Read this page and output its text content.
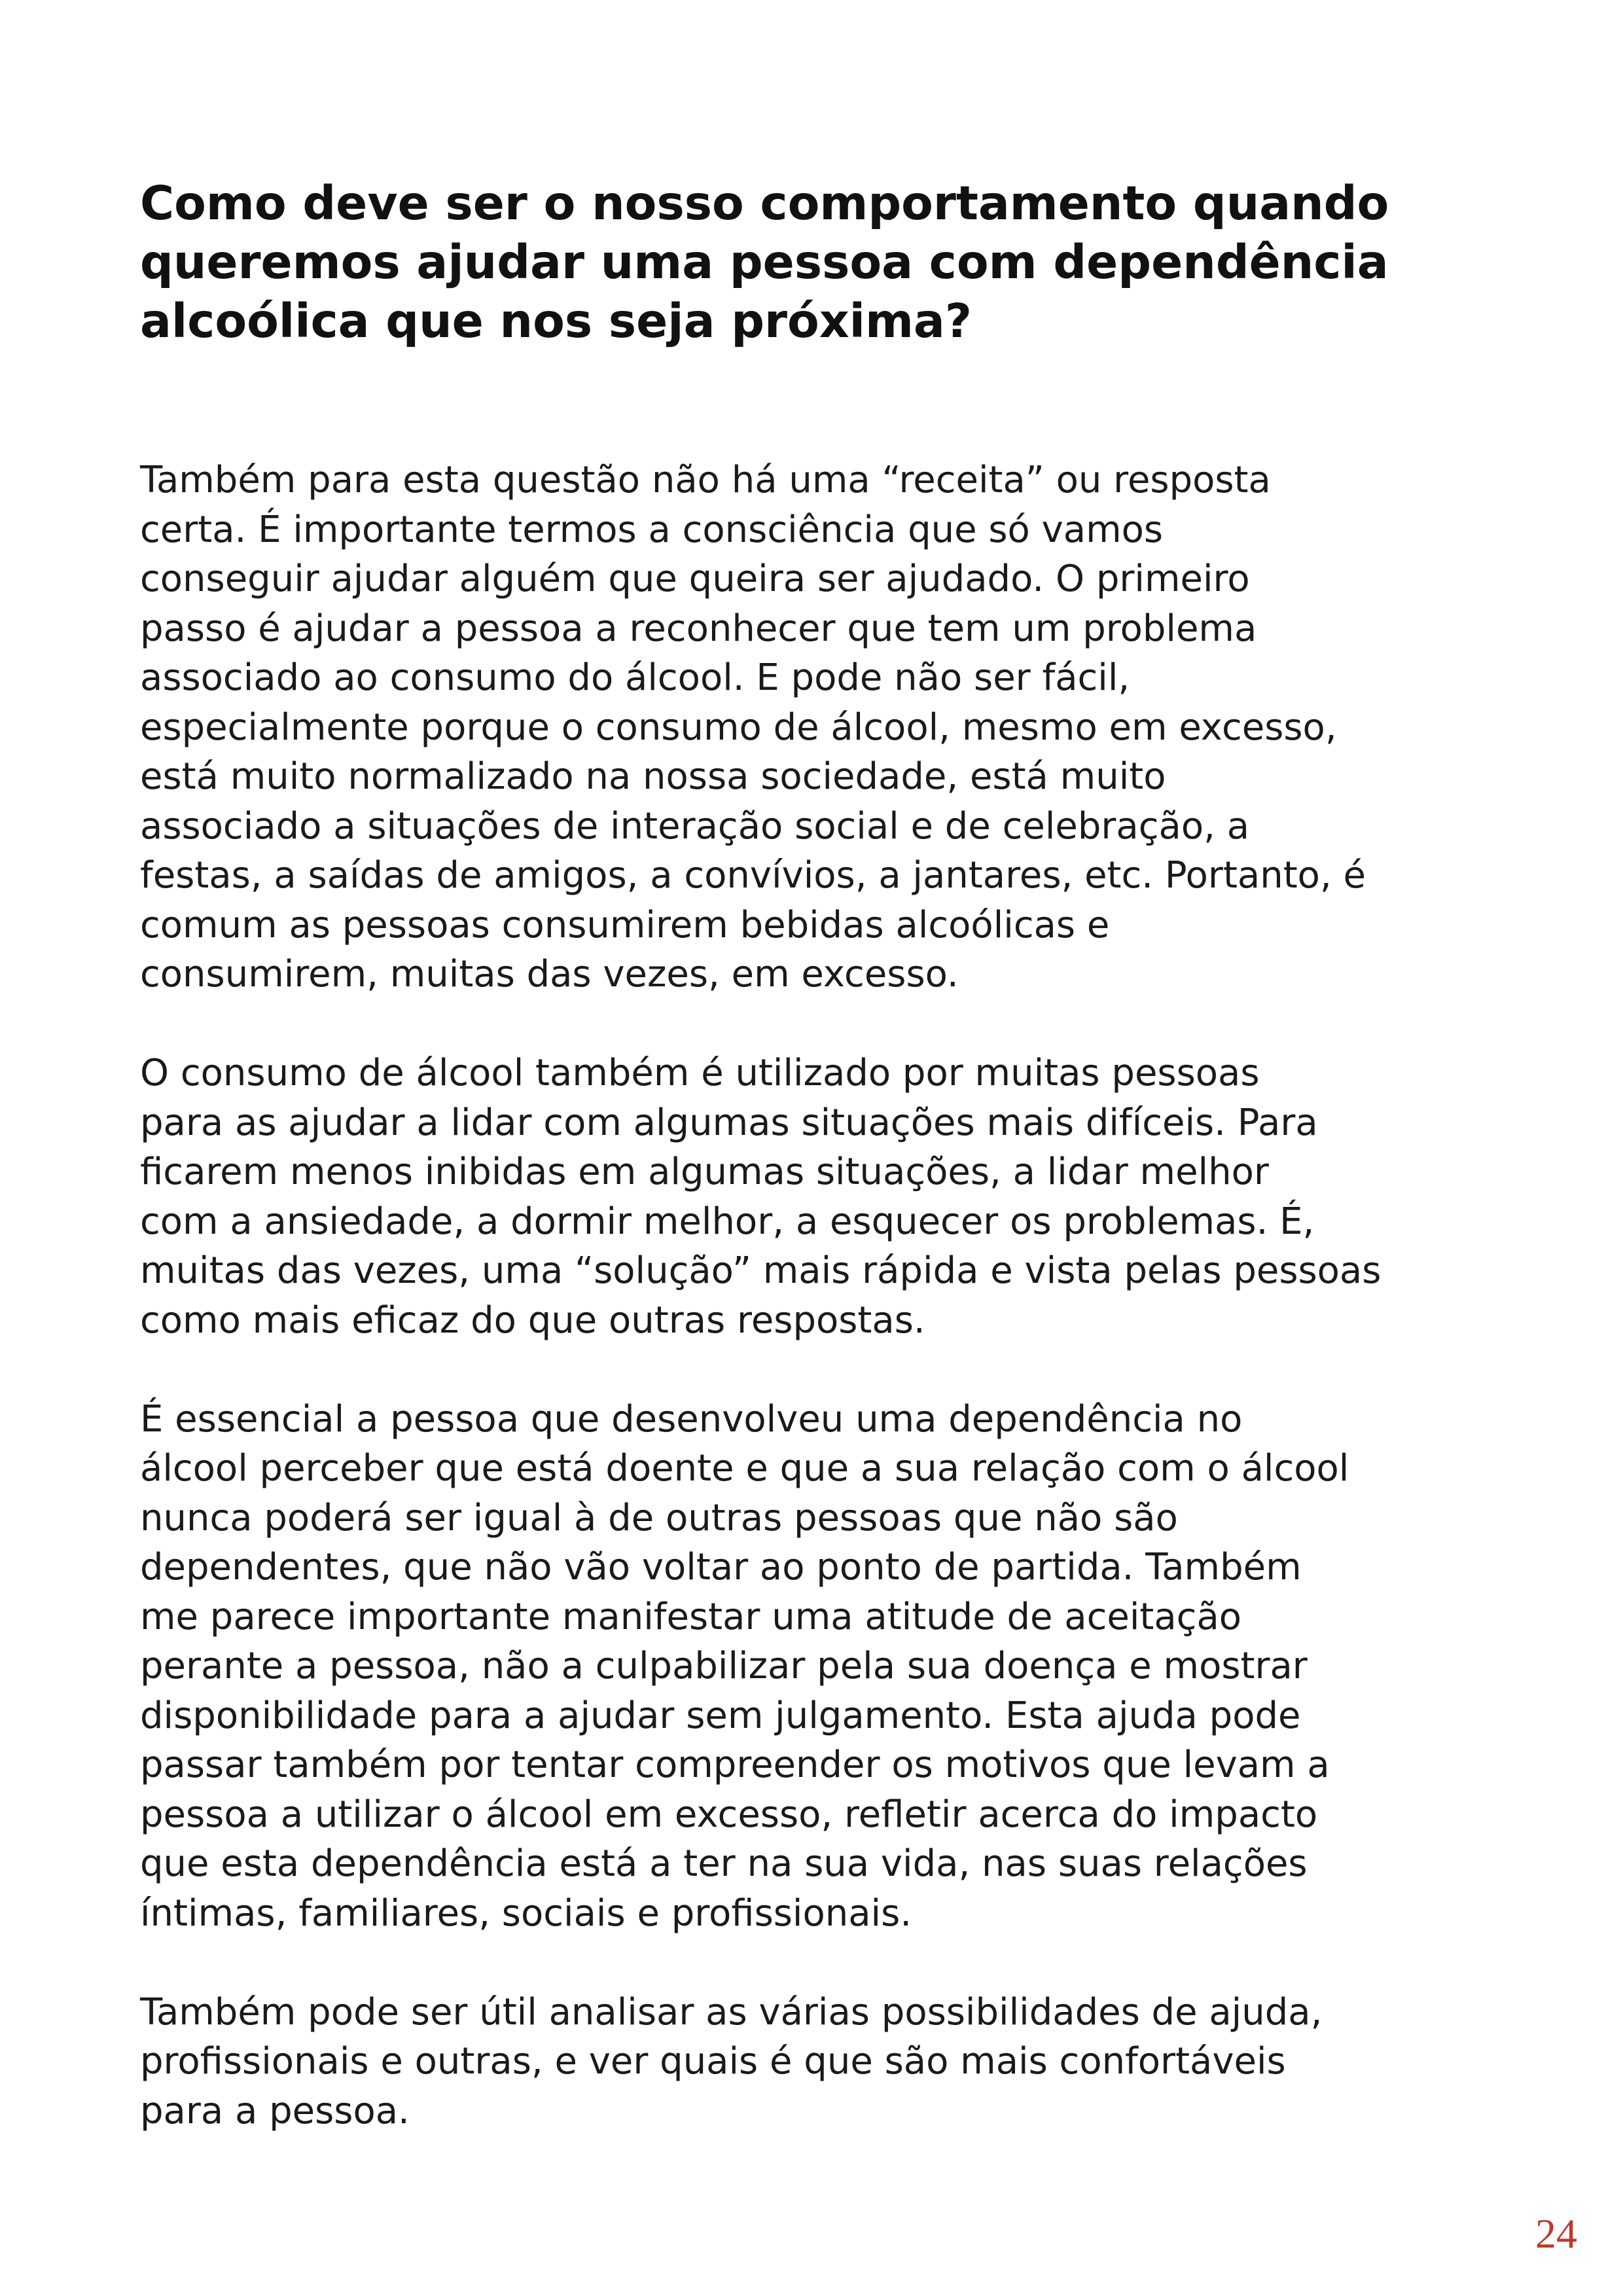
Como deve ser o nosso comportamento quando
queremos ajudar uma pessoa com dependência
alcoólica que nos seja próxima?

Também para esta questão não há uma “receita” ou resposta
certa. É importante termos a consciência que só vamos
conseguir ajudar alguém que queira ser ajudado. O primeiro
passo é ajudar a pessoa a reconhecer que tem um problema
associado ao consumo do álcool. E pode não ser fácil,
especialmente porque o consumo de álcool, mesmo em excesso,
está muito normalizado na nossa sociedade, está muito
associado a situações de interação social e de celebração, a
festas, a saídas de amigos, a convívios, a jantares, etc. Portanto, é
comum as pessoas consumirem bebidas alcoólicas e
consumirem, muitas das vezes, em excesso.

O consumo de álcool também é utilizado por muitas pessoas
para as ajudar a lidar com algumas situações mais difíceis. Para
ficarem menos inibidas em algumas situações, a lidar melhor
com a ansiedade, a dormir melhor, a esquecer os problemas. É,
muitas das vezes, uma “solução” mais rápida e vista pelas pessoas
como mais eficaz do que outras respostas.

É essencial a pessoa que desenvolveu uma dependência no
álcool perceber que está doente e que a sua relação com o álcool
nunca poderá ser igual à de outras pessoas que não são
dependentes, que não vão voltar ao ponto de partida. Também
me parece importante manifestar uma atitude de aceitação
perante a pessoa, não a culpabilizar pela sua doença e mostrar
disponibilidade para a ajudar sem julgamento. Esta ajuda pode
passar também por tentar compreender os motivos que levam a
pessoa a utilizar o álcool em excesso, refletir acerca do impacto
que esta dependência está a ter na sua vida, nas suas relações
íntimas, familiares, sociais e profissionais.

Também pode ser útil analisar as várias possibilidades de ajuda,
profissionais e outras, e ver quais é que são mais confortáveis
para a pessoa.

24
